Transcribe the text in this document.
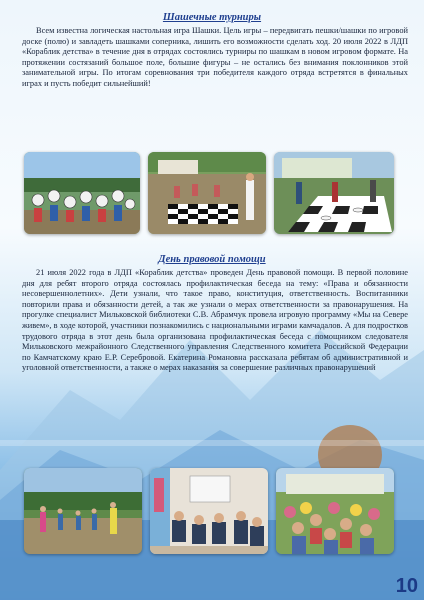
Шашечные турниры

Всем известна логическая настольная игра Шашки. Цель игры – передвигать пешки/шашки по игровой доске (полю) и завладеть шашками соперника, лишить его возможности сделать ход. 20 июля 2022 в ЛДП «Кораблик детства» в течение дня в отрядах состоялись турниры по шашкам в новом игровом формате. На протяжении состязаний большое поле, большие фигуры – не остались без внимания поклонников этой занимательной игры. По итогам соревнования три победителя каждого отряда встретятся в финальных играх и пусть победит сильнейший!

День правовой помощи

21 июля 2022 года в ЛДП «Кораблик детства» проведен День правовой помощи. В первой половине дня для ребят второго отряда состоялась профилактическая беседа на тему: «Права и обязанности несовершеннолетних». Дети узнали, что такое право, конституция, ответственность. Воспитанники повторили права и обязанности детей, а так же узнали о мерах ответственности за правонарушения. На прогулке специалист Мильковской библиотеки С.В. Абрамчук провела игровую программу «Мы на Севере живем», в ходе которой, участники познакомились с национальными играми камчадалов. А для подростков трудового отряда в этот день была организована профилактическая беседа с помощником следователя Мильковского межрайонного Следственного управления Следственного комитета Российской Федерации по Камчатскому краю Е.Р. Серебровой. Екатерина Романовна рассказала ребятам об административной и уголовной ответственности, а также о мерах наказания за совершение различных правонарушений

10
